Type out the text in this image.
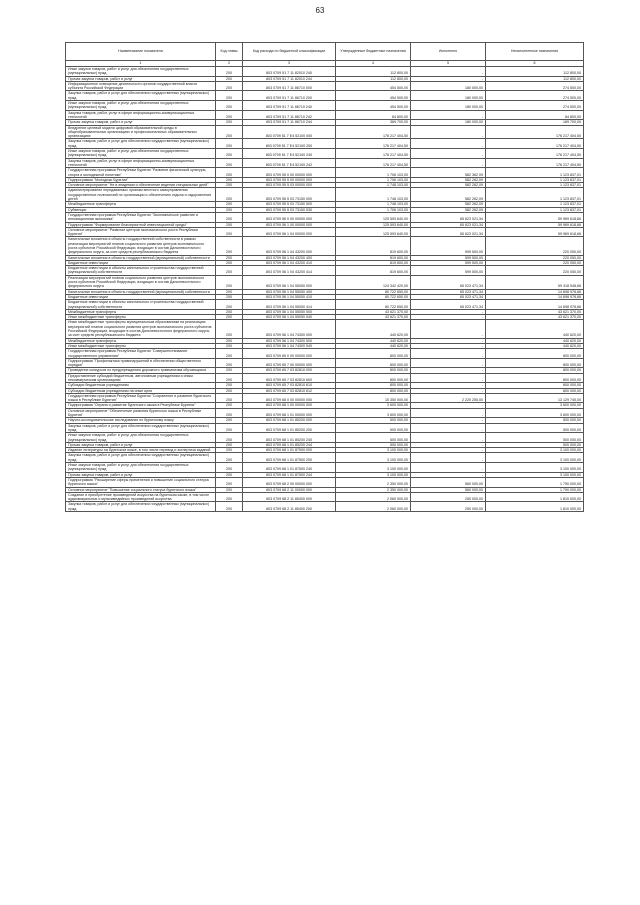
63
Наименование показателя	Код главы	Код расхода по бюджетной классификации	Утвержденные бюджетные назначения	Исполнено	Неисполненные назначения
1	2	3	4	5	6
Иные закупки товаров, работ и услуг для обеспечения государственных (муниципальных) нужд	200	803 0709 51 7 11 82010 240	112 800,00	-	112 800,00
Прочая закупка товаров, работ и услуг	200	803 0709 51 7 11 82010 244	112 800,00	-	112 800,00
Информационное освещение деятельности органов государственной власти субъекта Российской Федерации	200	803 0709 51 7 11 86710 000	454 500,00	180 000,00	274 500,00
Закупка товаров, работ и услуг для обеспечения государственных (муниципальных) нужд	200	803 0709 51 7 11 86710 200	454 500,00	180 000,00	274 500,00
Иные закупки товаров, работ и услуг для обеспечения государственных (муниципальных) нужд	200	803 0709 51 7 11 86710 240	454 500,00	180 000,00	274 500,00
Закупка товаров, работ, услуг в сфере информационно-коммуникационных технологий	200	803 0709 51 7 11 86710 242	84 800,00	-	84 800,00
Прочая закупка товаров, работ и услуг	200	803 0709 51 7 11 86710 244	369 700,00	180 000,00	189 700,00
Внедрение целевой модели цифровой образовательной среды в общеобразовательных организациях и профессиональных образовательных организациях	200	803 0709 51 7 E4 52100 000	176 217 404,50	-	176 217 404,50
Закупка товаров, работ и услуг для обеспечения государственных (муниципальных) нужд	200	803 0709 51 7 E4 52100 200	176 217 404,50	-	176 217 404,50
Иные закупки товаров, работ и услуг для обеспечения государственных (муниципальных) нужд	200	803 0709 51 7 E4 52100 240	176 217 404,50	-	176 217 404,50
Закупка товаров, работ, услуг в сфере информационно-коммуникационных технологий	200	803 0709 51 7 E4 52100 242	176 217 404,50	-	176 217 404,50
Государственная программа Республики Бурятия "Развитие физической культуры, спорта и молодежной политики"	200	803 0709 55 0 00 00000 000	1 706 103,00	582 362 09	1 123 837,01
Подпрограмма "Молодежь Бурятии"	200	803 0709 55 5 00 00000 000	1 706 103,00	582 262,09	1 123 837,01
Основное мероприятие "Не в эпидемии и обеспечение ведения специальных дней"	200	803 0709 55 5 03 00000 000	1 748 103,00	582 262,09	1 123 837,01
Администрирование передаваемых органам местного самоуправления государственных полномочий по организации и обеспечению отдыха и оздоровления детей	200	803 0709 55 5 03 73150 000	1 748 103,00	582 262,09	1 123 837,01
Межбюджетные трансферты	200	803 0709 55 5 03 73150 500	1 748 103,00	582 262,09	1 123 837,01
Субвенции	200	803 0709 55 5 03 73150 530	1 706 103,00	582 262,09	1 123 837,01
Государственная программа Республики Бурятия "Экономическое развитие и инновационная экономика"	200	803 0709 56 0 00 00000 000	125 593 640,00	65 623 021,34	59 969 618,66
Подпрограмма "Формирование благоприятной инвестиционной среды"	200	803 0709 56 1 00 00000 000	125 593 640,00	65 623 021,34	59 969 618,66
Основное мероприятие "Развитие центров экономического роста Республики Бурятия"	200	803 0709 56 1 04 00000 000	125 593 640,00	65 623 021,34	59 969 618,66
Капитальные вложения в объекты государственной собственности в рамках реализации мероприятий планов социального развития центров экономического роста субъектов Российской Федерации, входящих в состав Дальневосточного федерального округа, за счет средств республиканского бюджета	200	803 0709 56 1 04 43200 000	819 600,00	599 500,00	220 050,00
Капитальные вложения в объекты государственной (муниципальной) собственности	200	803 0709 56 1 04 43200 400	819 600,00	599 500,00	220 050,00
Бюджетные инвестиции	200	803 0709 56 1 04 43200 410	819 600,00	599 500,00	220 050,00
Бюджетные инвестиции в объекты капитального строительства государственной (муниципальной) собственности	200	803 0709 56 1 04 43200 414	819 600,00	599 500,00	220 050,00
Реализация мероприятий планов социального развития центров экономического роста субъектов Российской Федерации, входящих в состав Дальневосточного федерального округа	200	803 0709 56 1 04 55050 000	124 342 420,00	65 023 471,34	59 318 948,66
Капитальные вложения в объекты государственной (муниципальной) собственности	200	803 0709 56 1 04 55050 400	80 722 650,00	65 023 471,34	14 698 978,66
Бюджетные инвестиции	200	803 0709 56 1 04 55050 410	80 722 650,00	65 023 471,34	14 698 978,66
Бюджетные инвестиции в объекты капитального строительства государственной (муниципальной) собственности	200	803 0709 56 1 04 55050 414	80 722 650,00	65 023 471,34	14 698 978,66
Межбюджетные трансферты	200	803 0709 56 1 04 55050 500	43 621 370,00	-	43 621 370,00
Иные межбюджетные трансферты	200	803 0709 56 1 04 55050 540	43 621 370,00	-	43 621 370,00
Иные межбюджетные трансферты муниципальным образованиям на реализацию мероприятий планов социального развития центров экономического роста субъектов Российской Федерации, входящих в состав Дальневосточного федерального округа, за счет средств республиканского бюджета	200	803 0709 56 1 04 74300 000	440 620,00	-	440 620,00
Межбюджетные трансферты	200	803 0709 56 1 04 74300 500	440 620,00	-	440 620,00
Иные межбюджетные трансферты	200	803 0709 56 1 04 74300 540	440 620,00	-	440 620,00
Государственная программа Республики Бурятия "Совершенствование государственного управления"	200	803 0709 65 0 00 00000 000	800 000,00	-	800 000,00
Подпрограмма "Профилактика правонарушений в обеспечении общественного порядка"	200	803 0709 65 7 00 00000 000	800 000,00	-	800 000,00
Проведение конкурсов по предупреждению дорожного травматизма обучающихся	200	803 0709 65 7 03 82810 000	800 000,00	-	800 000,00
Предоставление субсидий бюджетным, автономным учреждениям и иным некоммерческим организациям	200	803 0709 65 7 03 82810 600	800 000,00	-	800 000,00
Субсидии бюджетным учреждениям	200	803 0709 65 7 03 82810 610	800 000,00	-	800 000,00
Субсидии бюджетным учреждениям на иные цели	200	803 0709 65 7 03 82810 612	800 000,00	-	800 000,00
Государственная программа Республики Бурятия "Сохранение и развитие бурятского языка в Республике Бурятия"	200	803 0709 68 0 00 00000 000	15 350 000,00	2 220 255,00	13 129 745,00
Подпрограмма "Охрана и развитие бурятского языка в Республике Бурятия"	200	803 0709 68 1 00 00000 000	3 600 000,00	-	3 600 000,00
Основное мероприятие "Обеспечение развития бурятского языка в Республике Бурятия"	200	803 0709 68 1 01 00000 000	3 600 000,00	-	3 600 000,00
Научно-исследовательские исследования по бурятскому языку	200	803 0709 68 1 01 85200 000	500 000,00	-	500 000,00
Закупка товаров, работ и услуг для обеспечения государственных (муниципальных) нужд	200	803 0709 68 1 01 85200 200	500 000,00	-	500 000,00
Иные закупки товаров, работ и услуг для обеспечения государственных (муниципальных) нужд	200	803 0709 68 1 01 85200 240	500 000,00	-	500 000,00
Прочая закупка товаров, работ и услуг	200	803 0709 68 1 01 85200 244	500 000,00	-	500 000,00
Издание литературы на бурятском языке, в том числе перевод и экспертиза изданий	200	803 0709 68 1 01 87500 000	3 100 000,00	-	3 100 000,00
Закупка товаров, работ и услуг для обеспечения государственных (муниципальных) нужд	200	803 0709 68 1 01 87500 200	3 100 000,00	-	3 100 000,00
Иные закупки товаров, работ и услуг для обеспечения государственных (муниципальных) нужд	200	803 0709 68 1 01 87500 240	3 100 000,00	-	3 100 000,00
Прочая закупка товаров, работ и услуг	200	803 0709 68 1 01 87500 244	3 100 000,00	-	3 100 000,00
Подпрограмма "Расширение сферы применения и повышение социального статуса бурятского языка"	200	803 0709 68 2 00 00000 000	2 350 000,00	560 000,00	1 790 000,00
Основное мероприятие "Повышение социального статуса бурятского языка"	200	803 0709 68 2 11 00000 000	2 350 000,00	560 000,00	1 790 000,00
Создание и приобретение произведений искусства на бурятском языке, в том числе аудиовизуальных и мультимедийных произведений искусства	200	803 0709 68 2 11 85400 000	2 060 000,00	250 000,00	1 810 000,00
Закупка товаров, работ и услуг для обеспечения государственных (муниципальных) нужд	200	803 0709 68 2 11 85400 200	2 060 000,00	250 000,00	1 810 000,00
